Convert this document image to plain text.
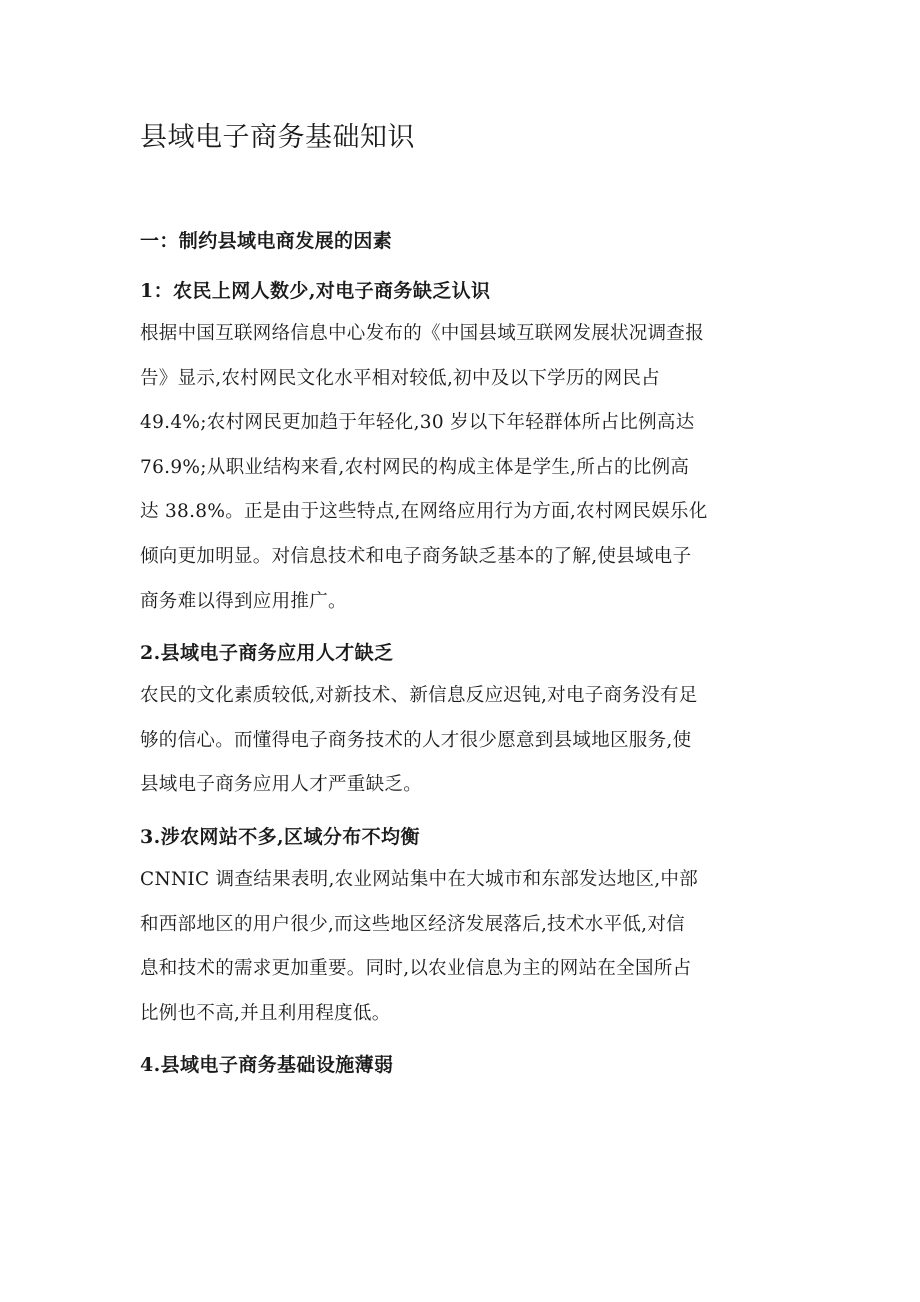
县域电子商务基础知识
一：制约县域电商发展的因素
1：农民上网人数少,对电子商务缺乏认识

根据中国互联网络信息中心发布的《中国县域互联网发展状况调查报
告》显示,农村网民文化水平相对较低,初中及以下学历的网民占
49.4%;农村网民更加趋于年轻化,30 岁以下年轻群体所占比例高达
76.9%;从职业结构来看,农村网民的构成主体是学生,所占的比例高
达 38.8%。正是由于这些特点,在网络应用行为方面,农村网民娱乐化
倾向更加明显。对信息技术和电子商务缺乏基本的了解,使县域电子
商务难以得到应用推广。

2.县域电子商务应用人才缺乏

农民的文化素质较低,对新技术、新信息反应迟钝,对电子商务没有足
够的信心。而懂得电子商务技术的人才很少愿意到县域地区服务,使
县域电子商务应用人才严重缺乏。

3.涉农网站不多,区域分布不均衡

CNNIC 调查结果表明,农业网站集中在大城市和东部发达地区,中部
和西部地区的用户很少,而这些地区经济发展落后,技术水平低,对信
息和技术的需求更加重要。同时,以农业信息为主的网站在全国所占
比例也不高,并且利用程度低。

4.县域电子商务基础设施薄弱
